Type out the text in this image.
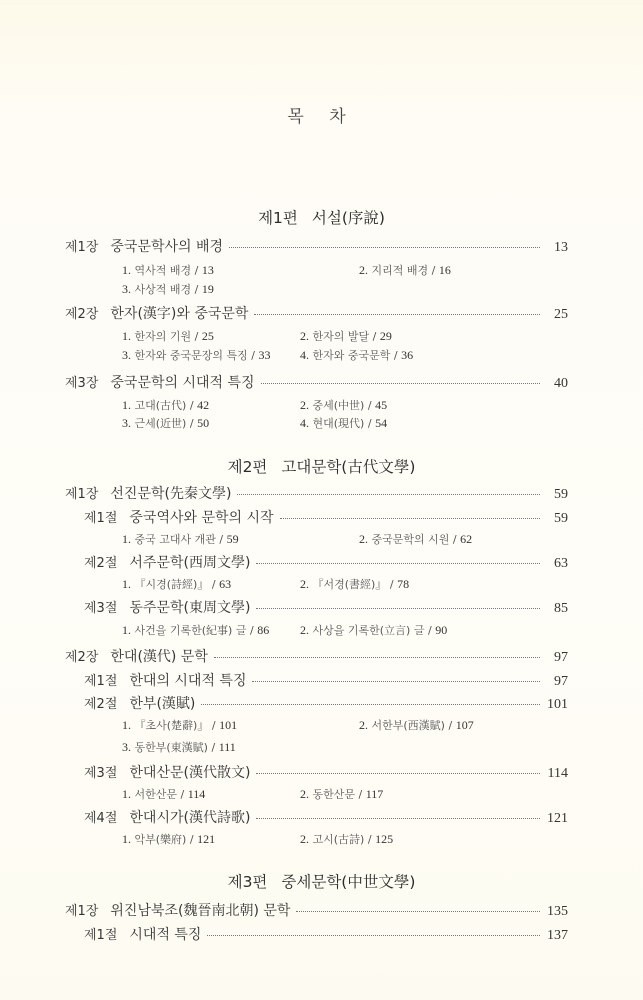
목 차
제1편 서설(序說)
제1장 중국문학사의 배경	13
1. 역사적 배경 / 13	2. 지리적 배경 / 16
3. 사상적 배경 / 19
제2장 한자(漢字)와 중국문학	25
1. 한자의 기원 / 25	2. 한자의 발달 / 29
3. 한자와 중국문장의 특징 / 33 4. 한자와 중국문학 / 36
제3장 중국문학의 시대적 특징	40
1. 고대(古代) / 42	2. 중세(中世) / 45
3. 근세(近世) / 50	4. 현대(現代) / 54
제2편 고대문학(古代文學)
제1장 선진문학(先秦文學)	59
제1절 중국역사와 문학의 시작	59
1. 중국 고대사 개관 / 59	2. 중국문학의 시원 / 62
제2절 서주문학(西周文學)	63
1. 『시경(詩經)』 / 63	2. 『서경(書經)』 / 78
제3절 동주문학(東周文學)	85
1. 사건을 기록한(紀事) 글 / 86	2. 사상을 기록한(立言) 글 / 90
제2장 한대(漢代) 문학	97
제1절 한대의 시대적 특징	97
제2절 한부(漢賦)	101
1. 『초사(楚辭)』 / 101	2. 서한부(西漢賦) / 107
3. 동한부(東漢賦) / 111
제3절 한대산문(漢代散文)	114
1. 서한산문 / 114	2. 동한산문 / 117
제4절 한대시가(漢代詩歌)	121
1. 악부(樂府) / 121	2. 고시(古詩) / 125
제3편 중세문학(中世文學)
제1장 위진남북조(魏晉南北朝) 문학	135
제1절 시대적 특징	137
